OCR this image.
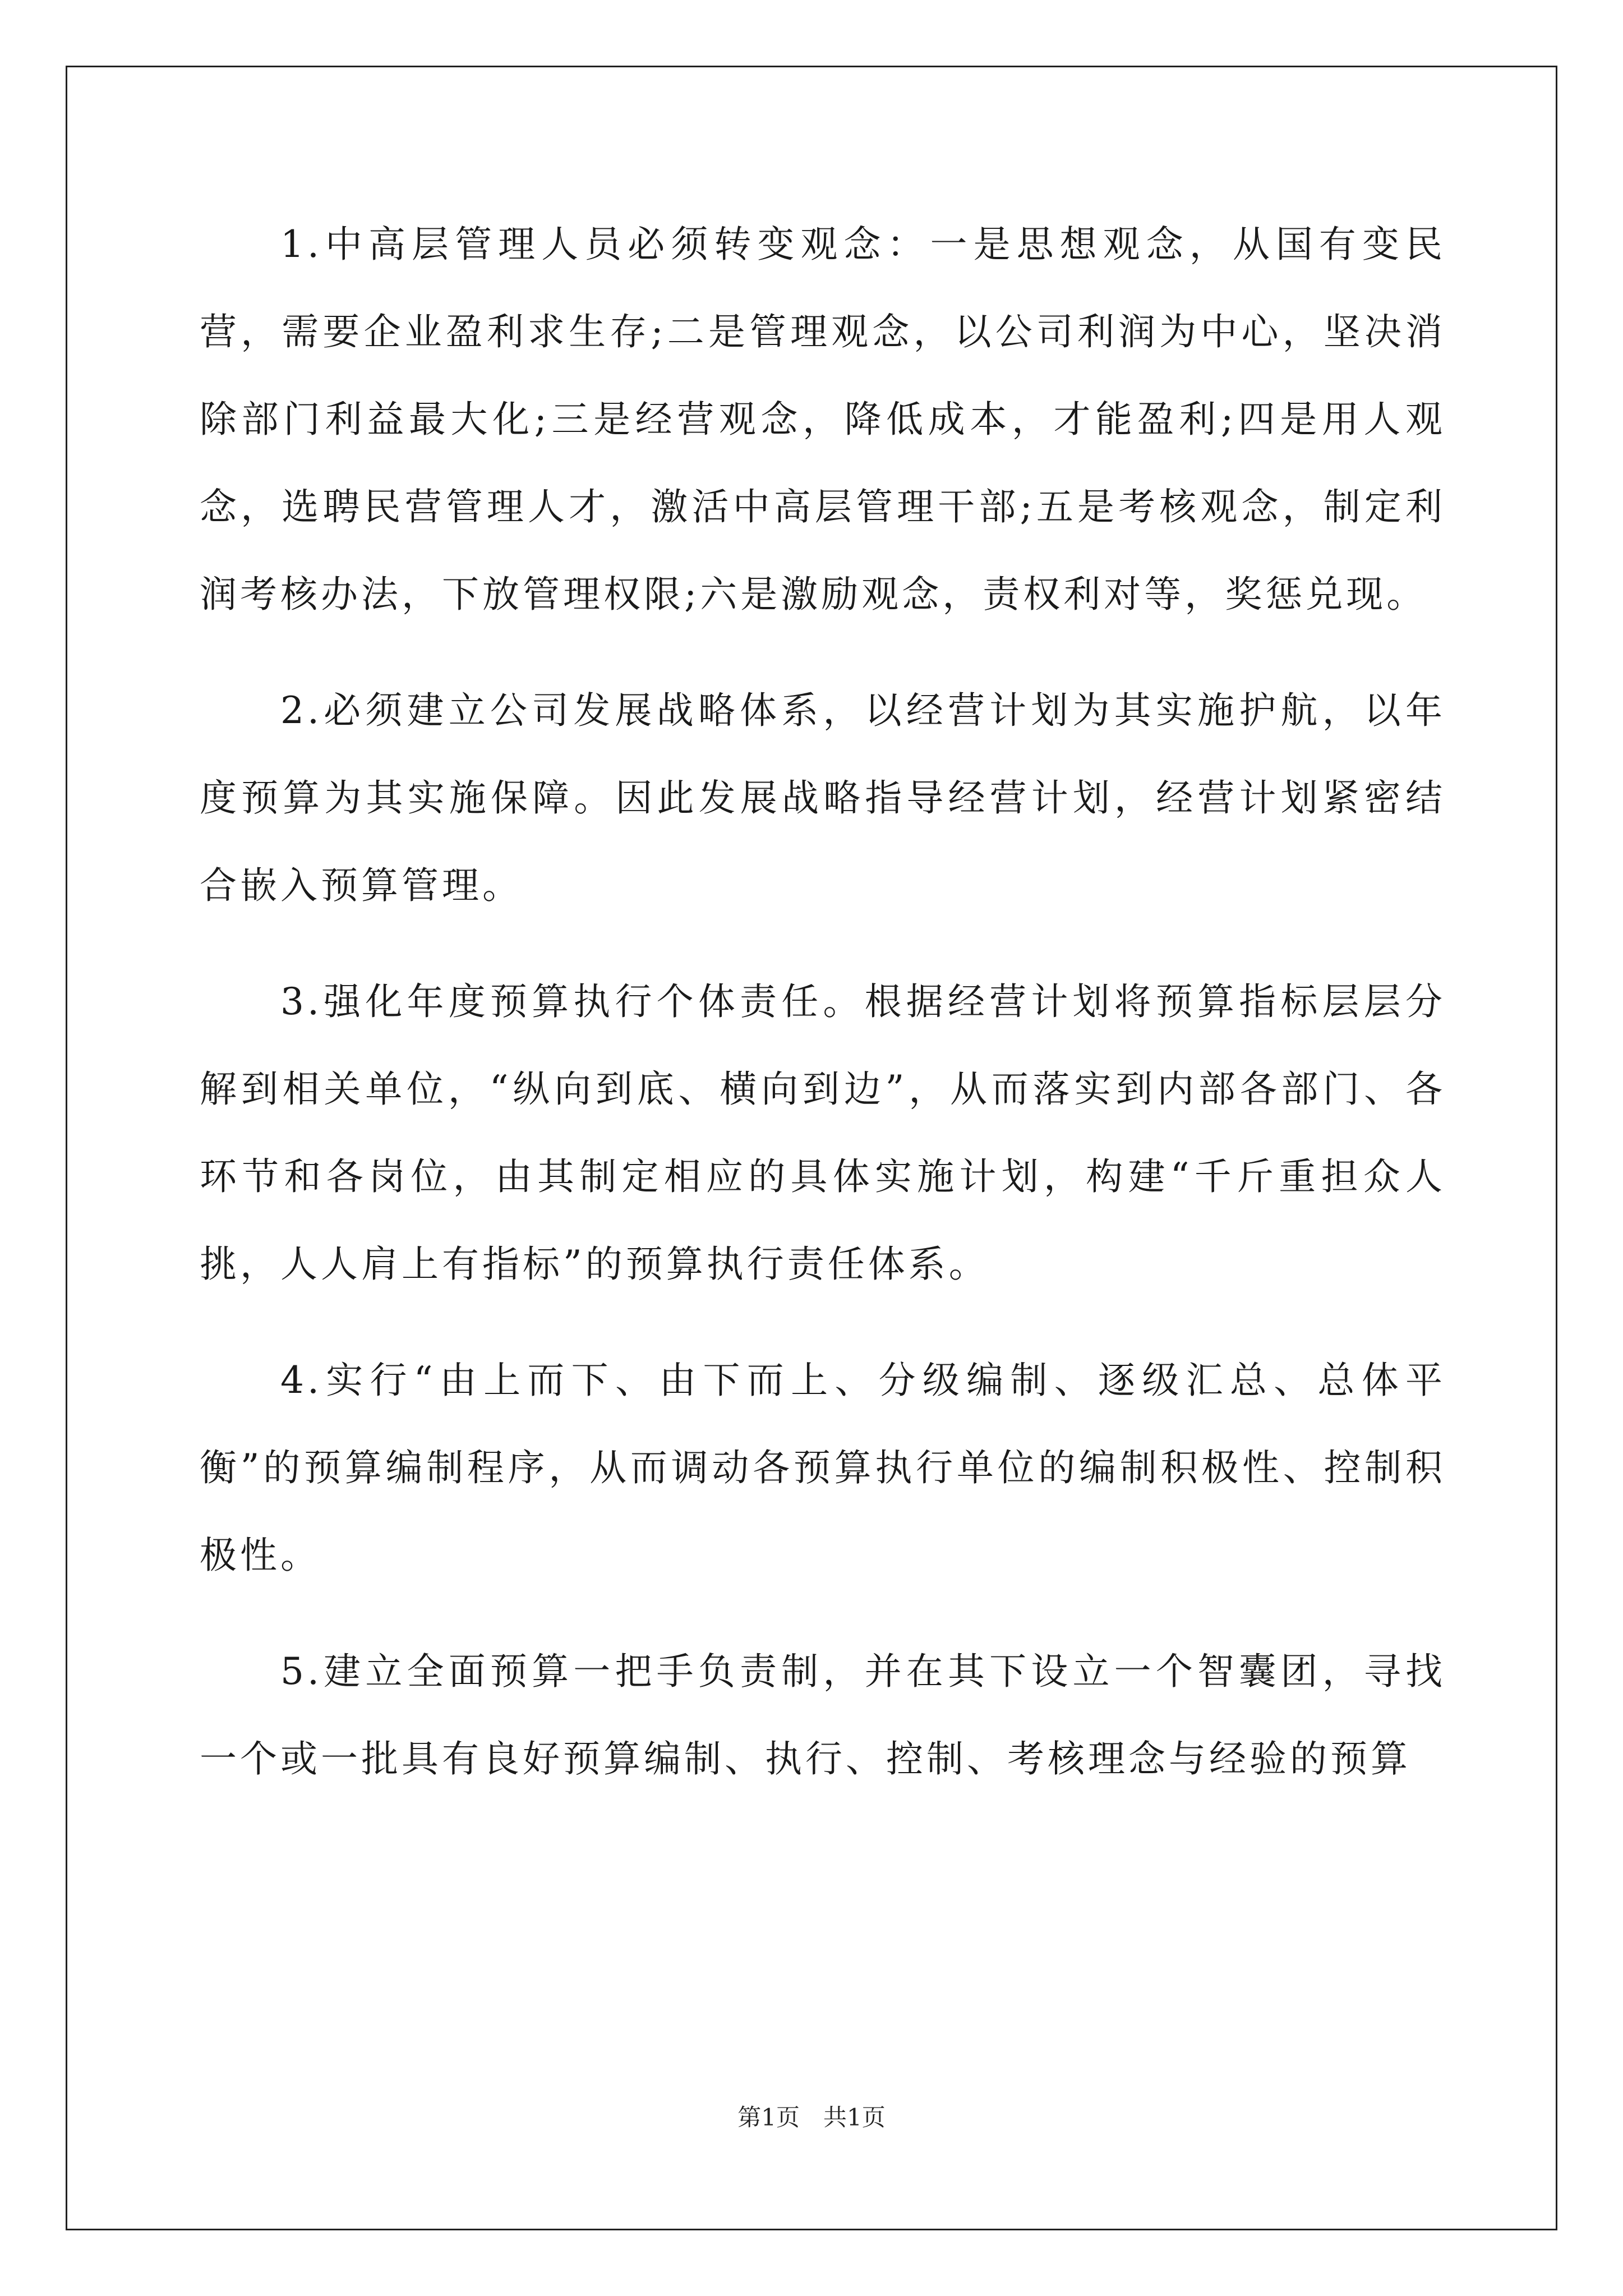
1.中高层管理人员必须转变观念：一是思想观念，从国有变民营，需要企业盈利求生存;二是管理观念，以公司利润为中心，坚决消除部门利益最大化;三是经营观念，降低成本，才能盈利;四是用人观念，选聘民营管理人才，激活中高层管理干部;五是考核观念，制定利润考核办法，下放管理权限;六是激励观念，责权利对等，奖惩兑现。

2.必须建立公司发展战略体系，以经营计划为其实施护航，以年度预算为其实施保障。因此发展战略指导经营计划，经营计划紧密结合嵌入预算管理。

3.强化年度预算执行个体责任。根据经营计划将预算指标层层分解到相关单位，“纵向到底、横向到边”，从而落实到内部各部门、各环节和各岗位，由其制定相应的具体实施计划，构建“千斤重担众人挑，人人肩上有指标”的预算执行责任体系。

4.实行“由上而下、由下而上、分级编制、逐级汇总、总体平衡”的预算编制程序，从而调动各预算执行单位的编制积极性、控制积极性。

5.建立全面预算一把手负责制，并在其下设立一个智囊团，寻找一个或一批具有良好预算编制、执行、控制、考核理念与经验的预算

第1页　共1页
